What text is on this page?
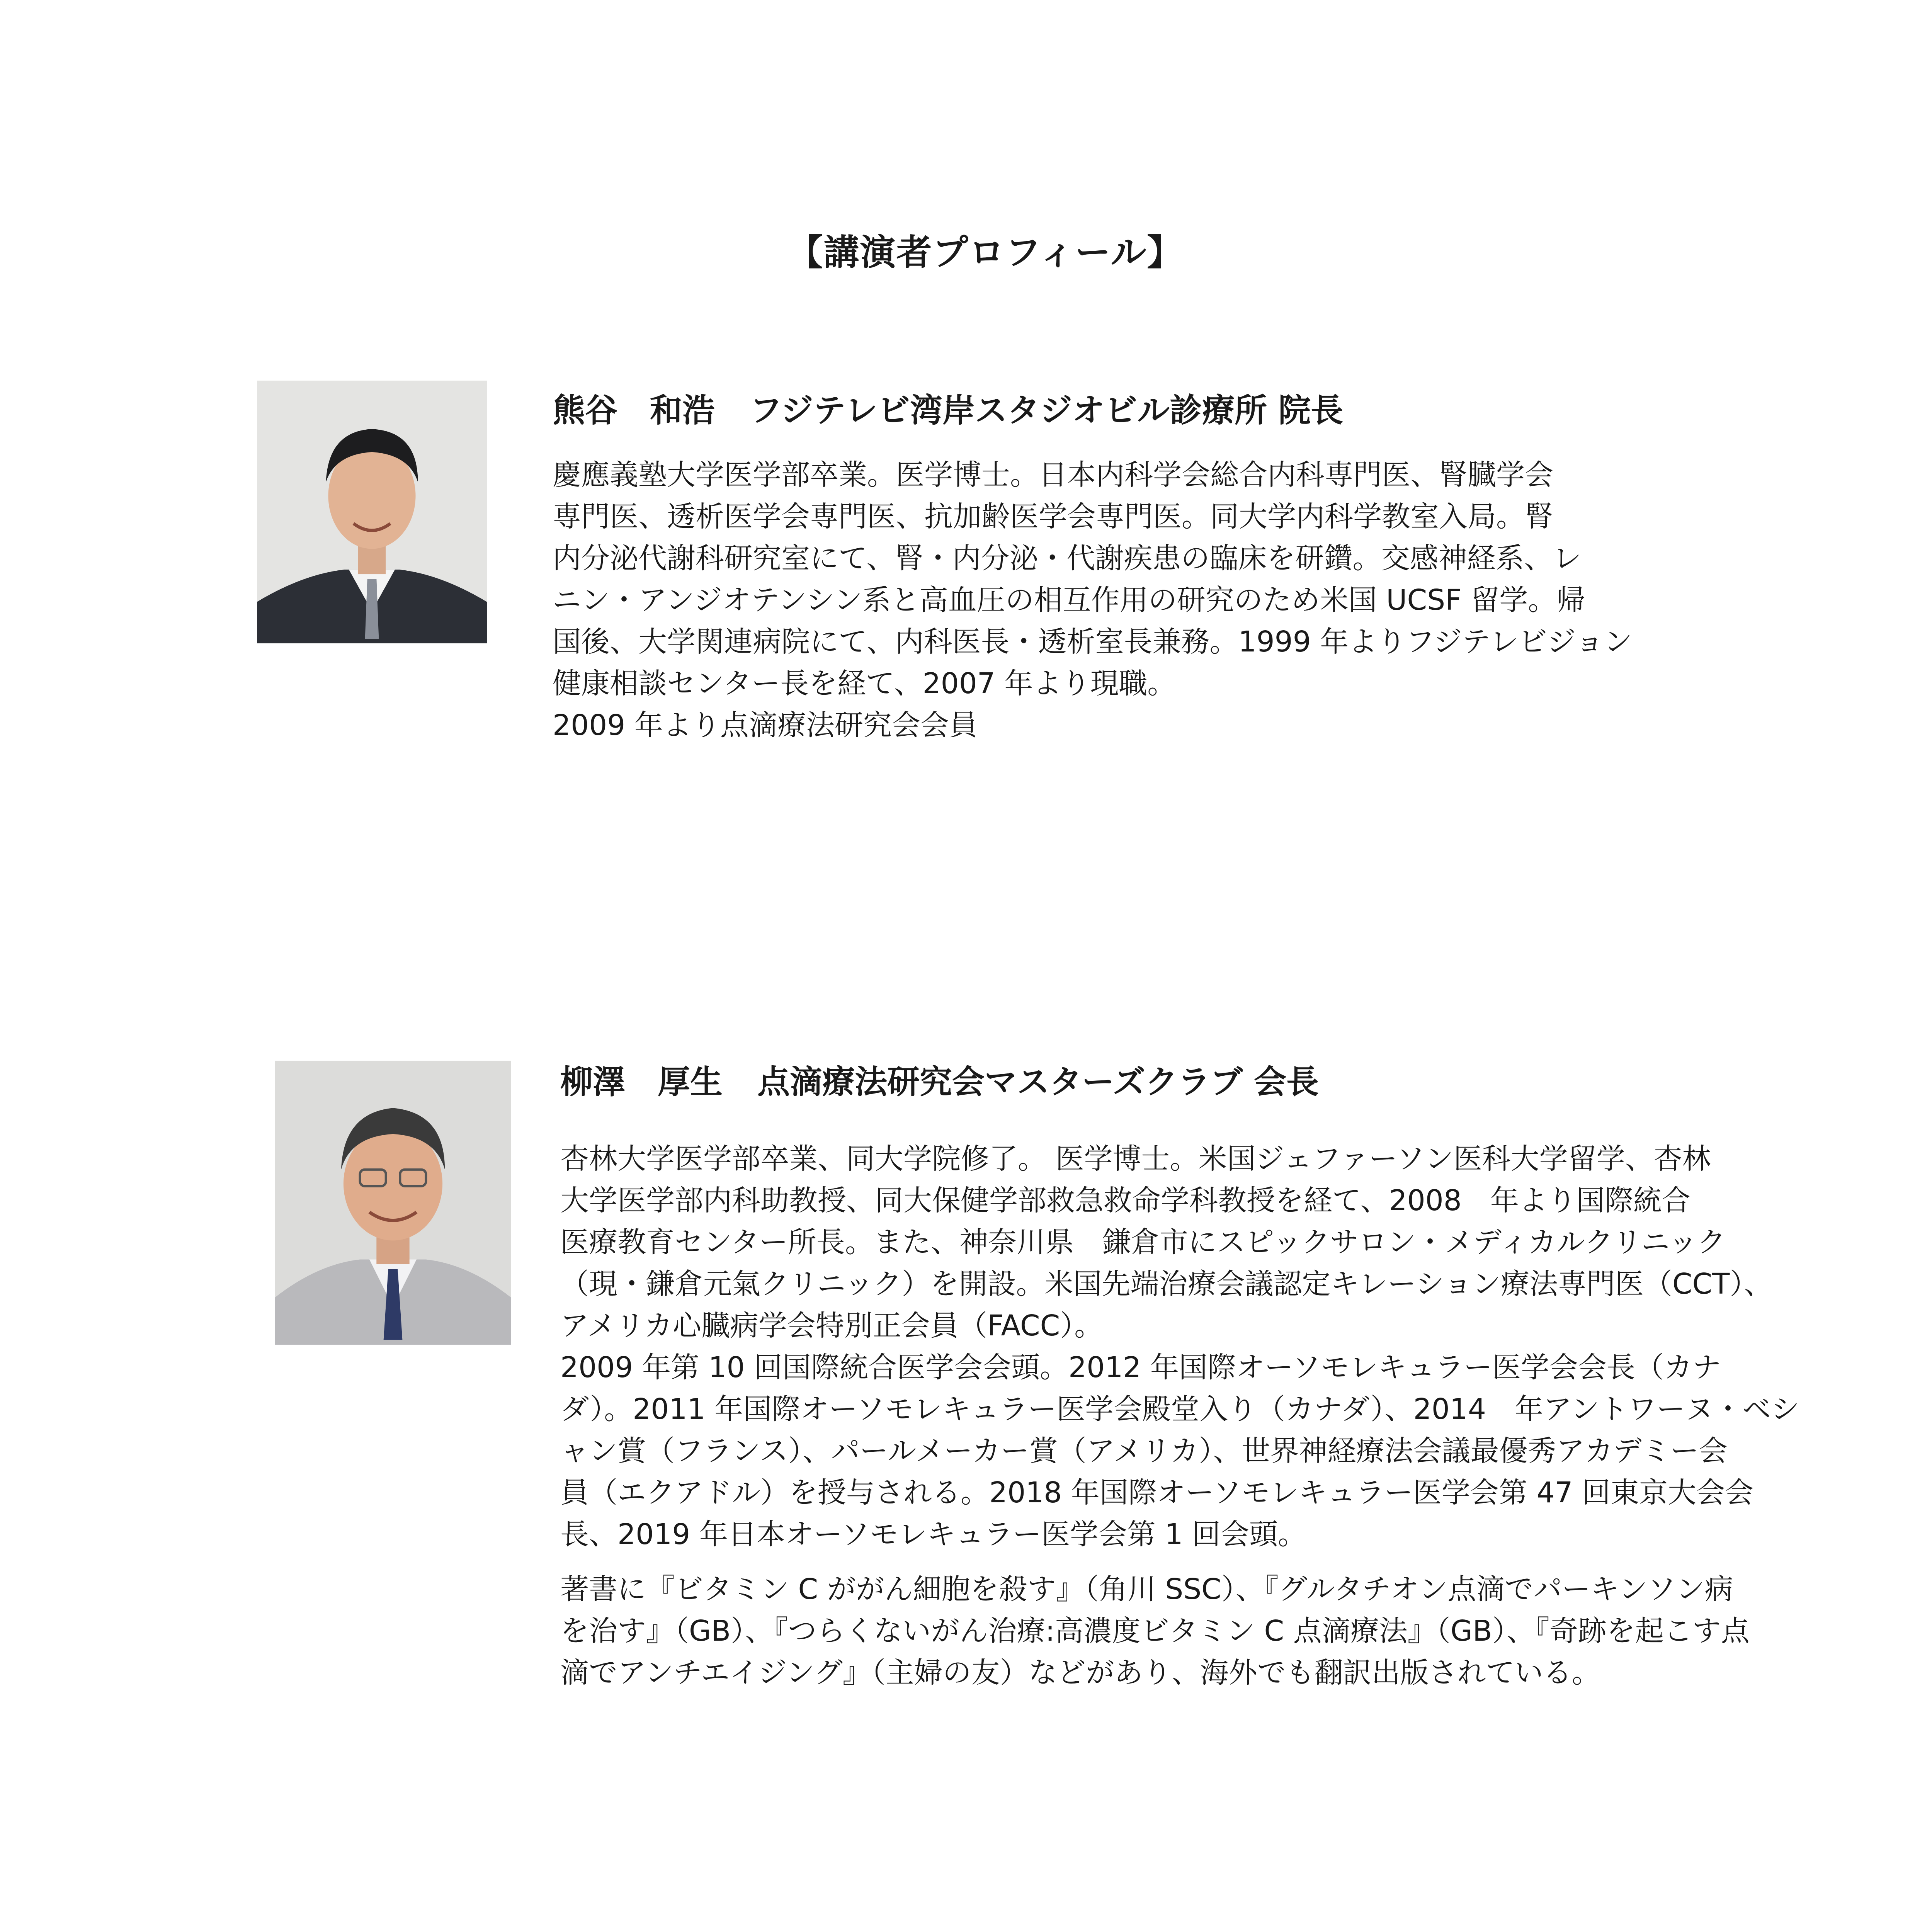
【講演者プロフィール】
熊谷　和浩 フジテレビ湾岸スタジオビル診療所 院長

慶應義塾大学医学部卒業。医学博士。日本内科学会総合内科専門医、腎臓学会

専門医、透析医学会専門医、抗加齢医学会専門医。同大学内科学教室入局。腎

内分泌代謝科研究室にて、腎・内分泌・代謝疾患の臨床を研鑽。交感神経系、レ

ニン・アンジオテンシン系と高血圧の相互作用の研究のため米国 UCSF 留学。帰

国後、大学関連病院にて、内科医長・透析室長兼務。1999 年よりフジテレビジョン

健康相談センター長を経て、2007 年より現職。

2009 年より点滴療法研究会会員

柳澤　厚生 点滴療法研究会マスターズクラブ 会長

杏林大学医学部卒業、同大学院修了。 医学博士。米国ジェファーソン医科大学留学、杏林

大学医学部内科助教授、同大保健学部救急救命学科教授を経て、2008　年より国際統合

医療教育センター所長。また、神奈川県　鎌倉市にスピックサロン・メディカルクリニック

（現・鎌倉元氣クリニック）を開設。米国先端治療会議認定キレーション療法専門医（CCT）、

アメリカ心臓病学会特別正会員（FACC）。

2009 年第 10 回国際統合医学会会頭。2012 年国際オーソモレキュラー医学会会長（カナ

ダ）。2011 年国際オーソモレキュラー医学会殿堂入り（カナダ）、2014　年アントワーヌ・ベシ

ャン賞（フランス）、パールメーカー賞（アメリカ）、世界神経療法会議最優秀アカデミー会

員（エクアドル）を授与される。2018 年国際オーソモレキュラー医学会第 47 回東京大会会

長、2019 年日本オーソモレキュラー医学会第 1 回会頭。

著書に『ビタミン C ががん細胞を殺す』（角川 SSC）、『グルタチオン点滴でパーキンソン病

を治す』（GB）、『つらくないがん治療:高濃度ビタミン C 点滴療法』（GB）、『奇跡を起こす点

滴でアンチエイジング』（主婦の友）などがあり、海外でも翻訳出版されている。
